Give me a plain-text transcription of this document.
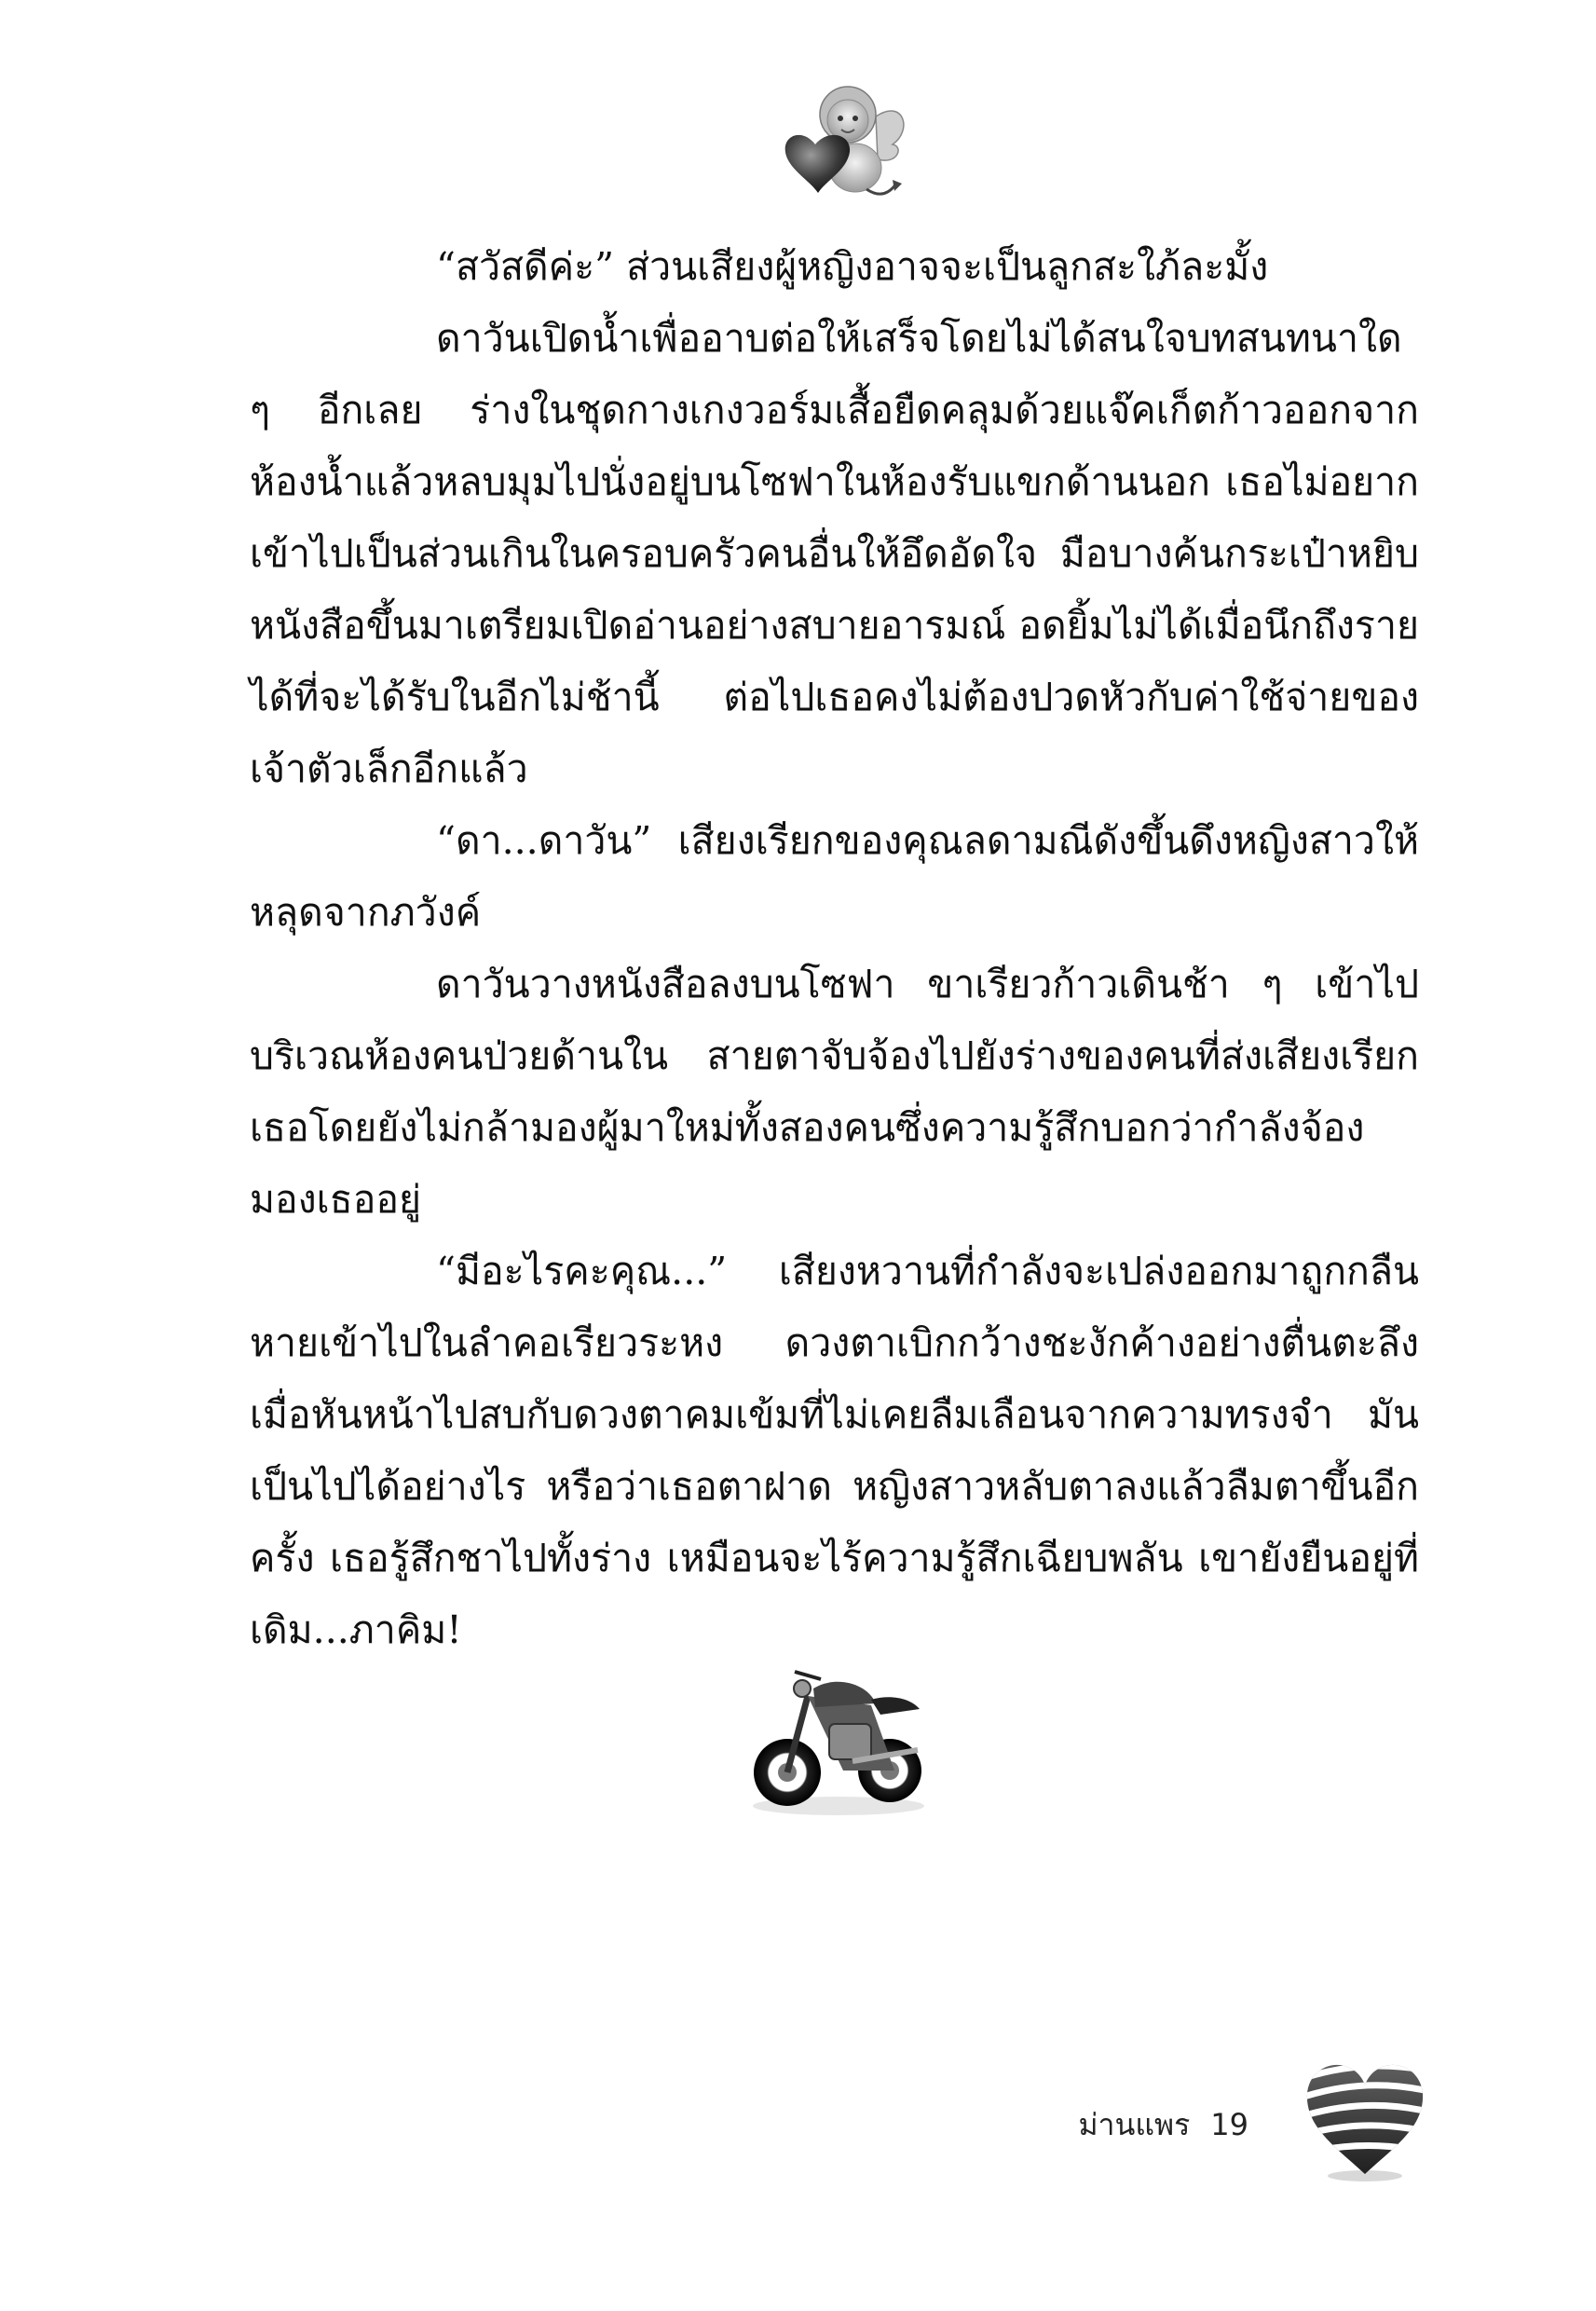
“สวัสดีค่ะ” ส่วนเสียงผู้หญิงอาจจะเป็นลูกสะใภ้ละมั้ง

ดาวันเปิดน้ำเพื่ออาบต่อให้เสร็จโดยไม่ได้สนใจบทสนทนาใด ๆ อีกเลย ร่างในชุดกางเกงวอร์มเสื้อยืดคลุมด้วยแจ๊คเก็ตก้าวออกจากห้องน้ำแล้วหลบมุมไปนั่งอยู่บนโซฟาในห้องรับแขกด้านนอก เธอไม่อยากเข้าไปเป็นส่วนเกินในครอบครัวคนอื่นให้อึดอัดใจ มือบางค้นกระเป๋าหยิบหนังสือขึ้นมาเตรียมเปิดอ่านอย่างสบายอารมณ์ อดยิ้มไม่ได้เมื่อนึกถึงรายได้ที่จะได้รับในอีกไม่ช้านี้ ต่อไปเธอคงไม่ต้องปวดหัวกับค่าใช้จ่ายของเจ้าตัวเล็กอีกแล้ว

“ดา...ดาวัน” เสียงเรียกของคุณลดามณีดังขึ้นดึงหญิงสาวให้หลุดจากภวังค์

ดาวันวางหนังสือลงบนโซฟา ขาเรียวก้าวเดินช้า ๆ เข้าไปบริเวณห้องคนป่วยด้านใน สายตาจับจ้องไปยังร่างของคนที่ส่งเสียงเรียกเธอโดยยังไม่กล้ามองผู้มาใหม่ทั้งสองคนซึ่งความรู้สึกบอกว่ากำลังจ้องมองเธออยู่

“มีอะไรคะคุณ...” เสียงหวานที่กำลังจะเปล่งออกมาถูกกลืนหายเข้าไปในลำคอเรียวระหง ดวงตาเบิกกว้างชะงักค้างอย่างตื่นตะลึงเมื่อหันหน้าไปสบกับดวงตาคมเข้มที่ไม่เคยลืมเลือนจากความทรงจำ มันเป็นไปได้อย่างไร หรือว่าเธอตาฝาด หญิงสาวหลับตาลงแล้วลืมตาขึ้นอีกครั้ง เธอรู้สึกชาไปทั้งร่าง เหมือนจะไร้ความรู้สึกเฉียบพลัน เขายังยืนอยู่ที่เดิม...ภาคิม!

ม่านแพร 19
